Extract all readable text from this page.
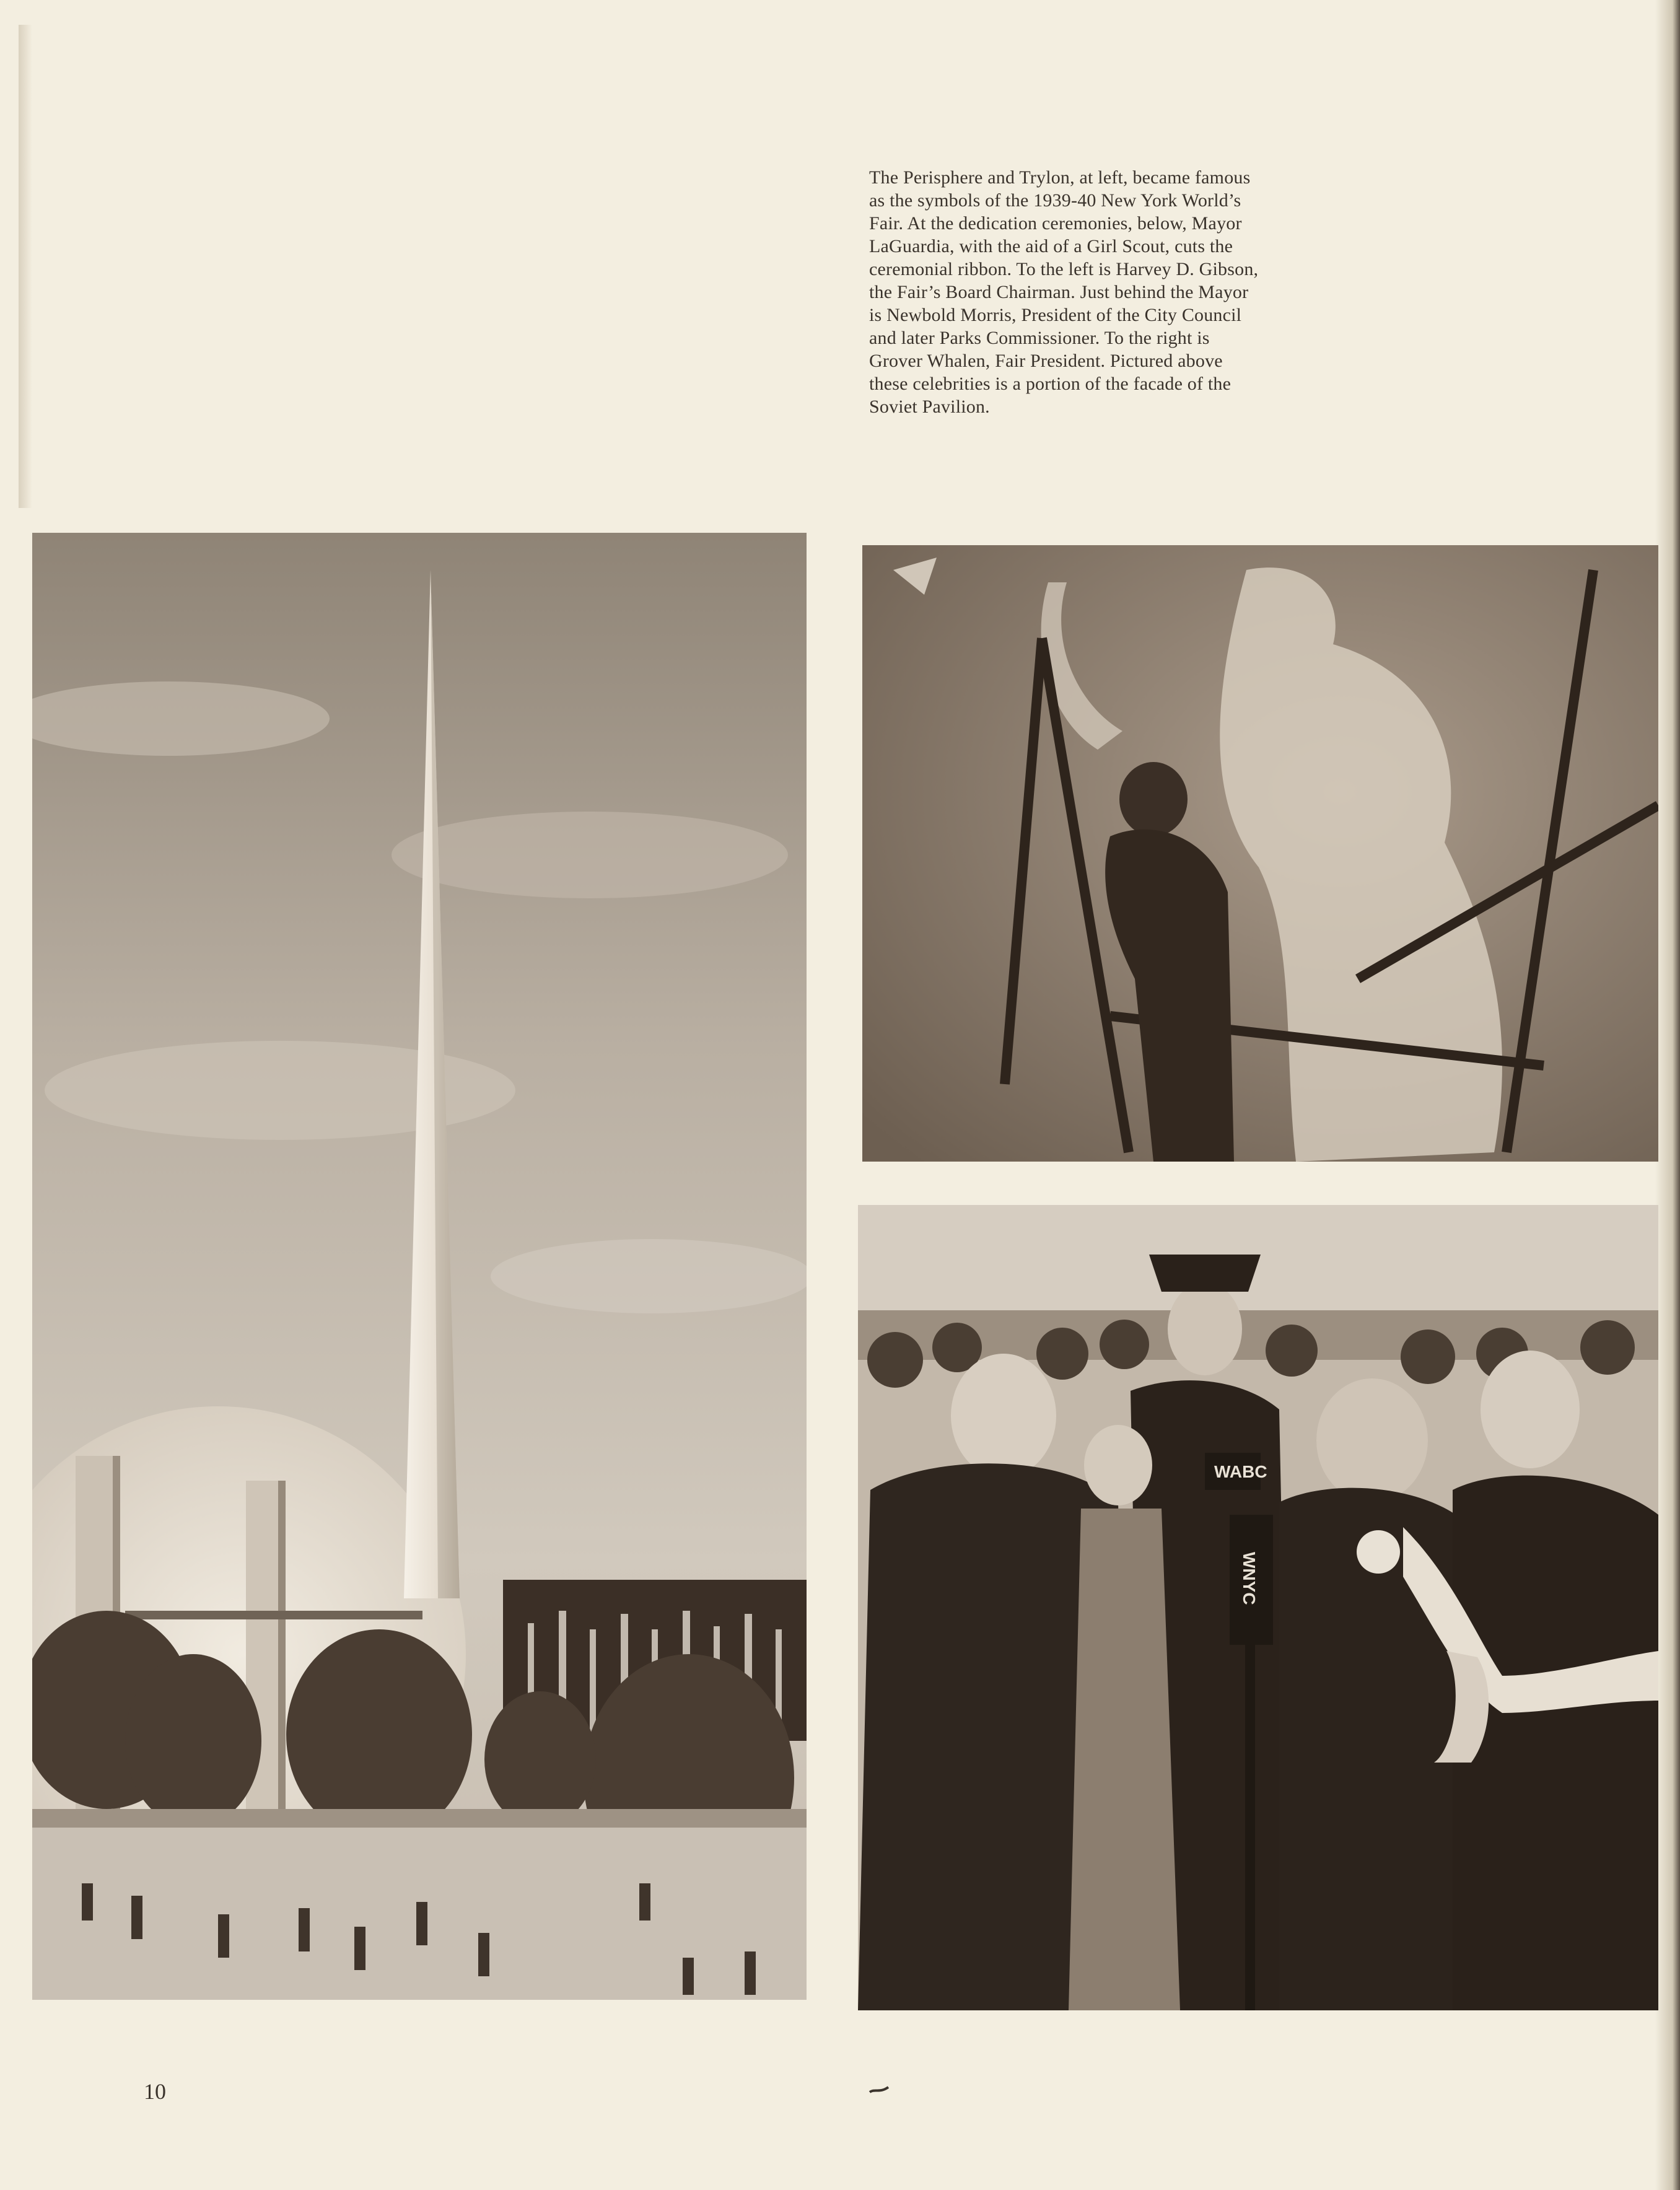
The Perisphere and Trylon, at left, became famous
as the symbols of the 1939-40 New York World’s
Fair. At the dedication ceremonies, below, Mayor
LaGuardia, with the aid of a Girl Scout, cuts the
ceremonial ribbon. To the left is Harvey D. Gibson,
the Fair’s Board Chairman. Just behind the Mayor
is Newbold Morris, President of the City Council
and later Parks Commissioner. To the right is
Grover Whalen, Fair President. Pictured above
these celebrities is a portion of the facade of the
Soviet Pavilion.
WABC
WNYC
10
